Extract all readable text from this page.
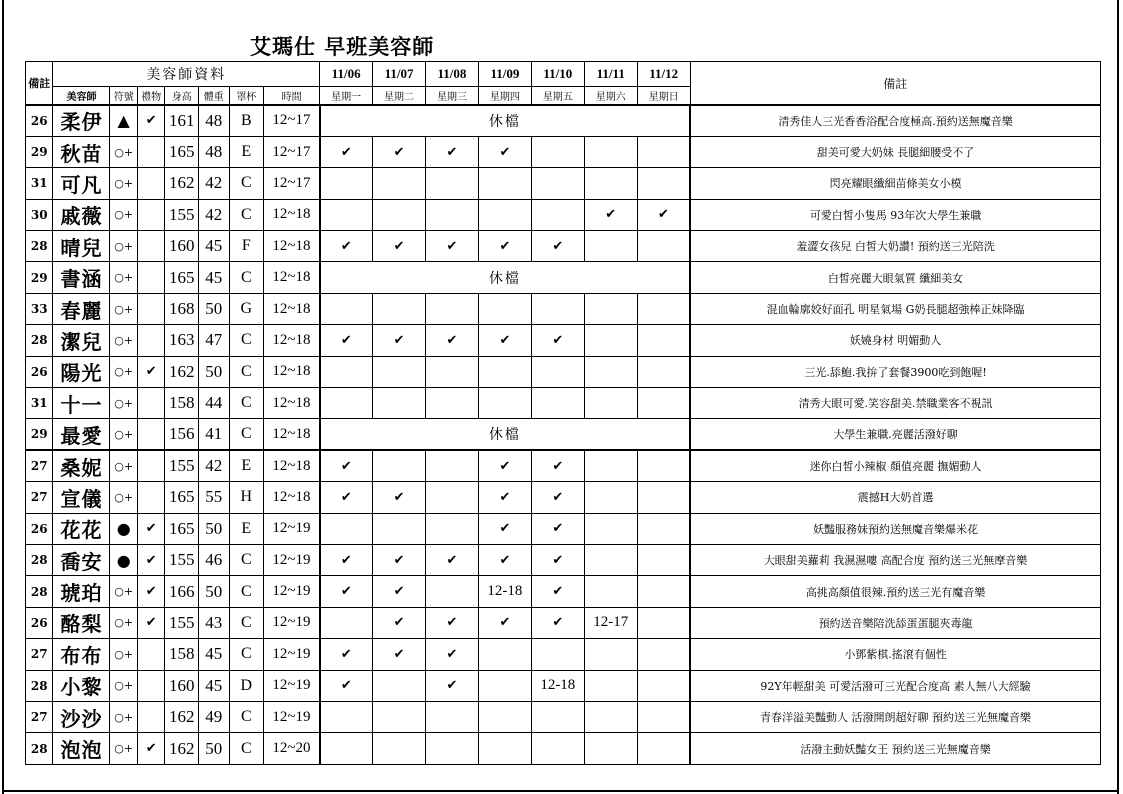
艾瑪仕 早班美容師
備註	美容師資料							11/06	11/07	11/08	11/09	11/10	11/11	11/12	備註
	美容師	符號	禮物	身高	體重	罩杯	時間	星期一	星期二	星期三	星期四	星期五	星期六	星期日	
26	柔伊	▲	✔	161	48	B	12~17	休檔							清秀佳人三光香香浴配合度極高.預約送無魔音樂
29	秋苗	○+		165	48	E	12~17	✔	✔	✔	✔				甜美可愛大奶妹 長腿細腰受不了
31	可凡	○+		162	42	C	12~17								閃亮耀眼纖細苗條美女小模
30	戚薇	○+		155	42	C	12~18						✔	✔	可愛白皙小隻馬 93年次大學生兼職
28	晴兒	○+		160	45	F	12~18	✔	✔	✔	✔	✔			羞澀女孩兒 白皙大奶讚! 預約送三光陪洗
29	書涵	○+		165	45	C	12~18	休檔							白皙亮麗大眼氣質 纖細美女
33	春麗	○+		168	50	G	12~18								混血輪廓姣好面孔 明星氣場 G奶長腿超強棒正妹降臨
28	潔兒	○+		163	47	C	12~18	✔	✔	✔	✔	✔			妖嬈身材 明媚動人
26	陽光	○+	✔	162	50	C	12~18								三光.舔鮑.我拚了套餐3900吃到飽喔!
31	十一	○+		158	44	C	12~18								清秀大眼可愛.笑容甜美.禁職業客不視訊
29	最愛	○+		156	41	C	12~18	休檔							大學生兼職.亮麗活潑好聊
27	桑妮	○+		155	42	E	12~18	✔			✔	✔			迷你白皙小辣椒 顏值亮麗 撫媚動人
27	宣儀	○+		165	55	H	12~18	✔	✔		✔	✔			震撼H大奶首選
26	花花	●	✔	165	50	E	12~19				✔	✔			妖豔服務妹預約送無魔音樂爆米花
28	喬安	●	✔	155	46	C	12~19	✔	✔	✔	✔	✔			大眼甜美蘿莉 我濕濕嘍 高配合度 預約送三光無摩音樂
28	琥珀	○+	✔	166	50	C	12~19	✔	✔		12-18	✔			高挑高顏值很辣.預約送三光有魔音樂
26	酪梨	○+	✔	155	43	C	12~19		✔	✔	✔	✔	12-17		預約送音樂陪洗舔蛋蛋腿夾毒龍
27	布布	○+		158	45	C	12~19	✔	✔	✔					小鄧紫棋.搖滾有個性
28	小黎	○+		160	45	D	12~19	✔		✔		12-18			92Y年輕甜美 可愛活潑可三光配合度高 素人無八大經驗
27	沙沙	○+		162	49	C	12~19								青春洋溢美豔動人 活潑開朗超好聊 預約送三光無魔音樂
28	泡泡	○+	✔	162	50	C	12~20								活潑主動妖豔女王 預約送三光無魔音樂
